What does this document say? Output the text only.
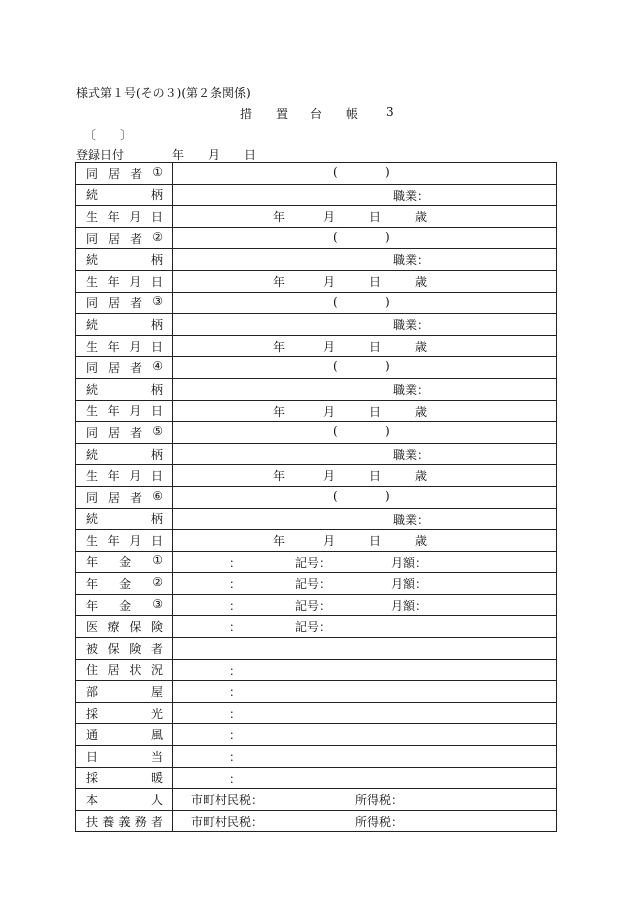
様式第１号(その３)(第２条関係)
措 置 台 帳 3
〔　　〕
登録日付	年 月 日
同 居 者 ①	( )

続 柄	職業：

生 年 月 日	年 月 日 歳

同 居 者 ②	( )

続 柄	職業：

生 年 月 日	年 月 日 歳

同 居 者 ③	( )

続 柄	職業：

生 年 月 日	年 月 日 歳

同 居 者 ④	( )

続 柄	職業：

生 年 月 日	年 月 日 歳

同 居 者 ⑤	( )

続 柄	職業：

生 年 月 日	年 月 日 歳

同 居 者 ⑥	( )

続 柄	職業：

生 年 月 日	年 月 日 歳

年 金 ①	： 記号： 月額：

年 金 ②	： 記号： 月額：

年 金 ③	： 記号： 月額：

医 療 保 険	： 記号：

被 保 険 者	

住 居 状 況	：

部 屋	：

採 光	：

通 風	：

日 当	：

採 暖	：

本 人	市町村民税： 所得税：

扶 養 義 務 者	市町村民税： 所得税：
